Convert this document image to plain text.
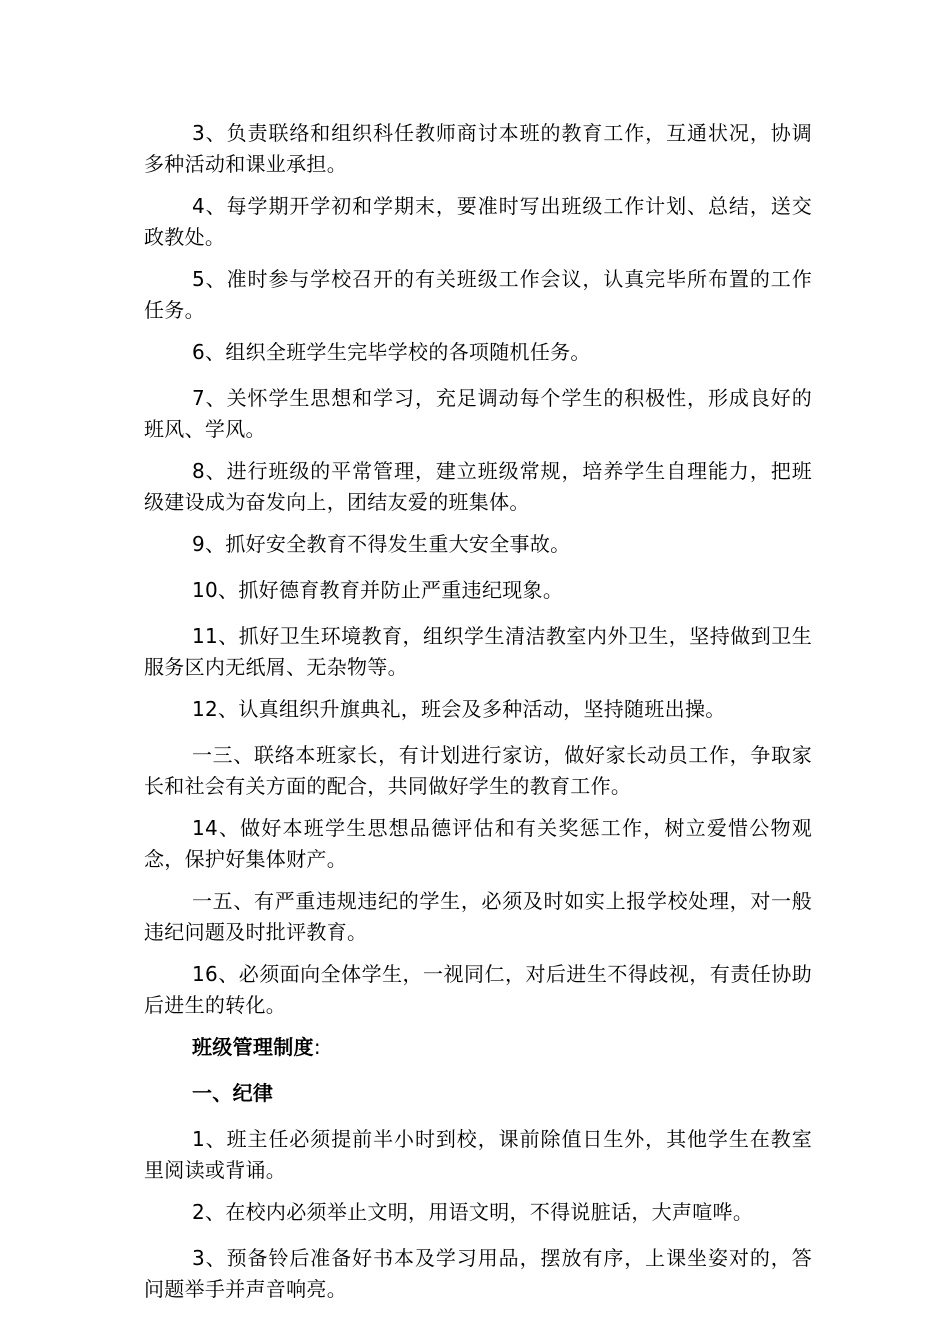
3、负责联络和组织科任教师商讨本班的教育工作，互通状况，协调多种活动和课业承担。

4、每学期开学初和学期末，要准时写出班级工作计划、总结，送交政教处。

5、准时参与学校召开的有关班级工作会议，认真完毕所布置的工作任务。

6、组织全班学生完毕学校的各项随机任务。

7、关怀学生思想和学习，充足调动每个学生的积极性，形成良好的班风、学风。

8、进行班级的平常管理，建立班级常规，培养学生自理能力，把班级建设成为奋发向上，团结友爱的班集体。

9、抓好安全教育不得发生重大安全事故。

10、抓好德育教育并防止严重违纪现象。

11、抓好卫生环境教育，组织学生清洁教室内外卫生，坚持做到卫生服务区内无纸屑、无杂物等。

12、认真组织升旗典礼，班会及多种活动，坚持随班出操。

一三、联络本班家长，有计划进行家访，做好家长动员工作，争取家长和社会有关方面的配合，共同做好学生的教育工作。

14、做好本班学生思想品德评估和有关奖惩工作，树立爱惜公物观念，保护好集体财产。

一五、有严重违规违纪的学生，必须及时如实上报学校处理，对一般违纪问题及时批评教育。

16、必须面向全体学生，一视同仁，对后进生不得歧视，有责任协助后进生的转化。

班级管理制度:

一、纪律

1、班主任必须提前半小时到校，课前除值日生外，其他学生在教室里阅读或背诵。

2、在校内必须举止文明，用语文明，不得说脏话，大声喧哗。

3、预备铃后准备好书本及学习用品，摆放有序，上课坐姿对的，答问题举手并声音响亮。
